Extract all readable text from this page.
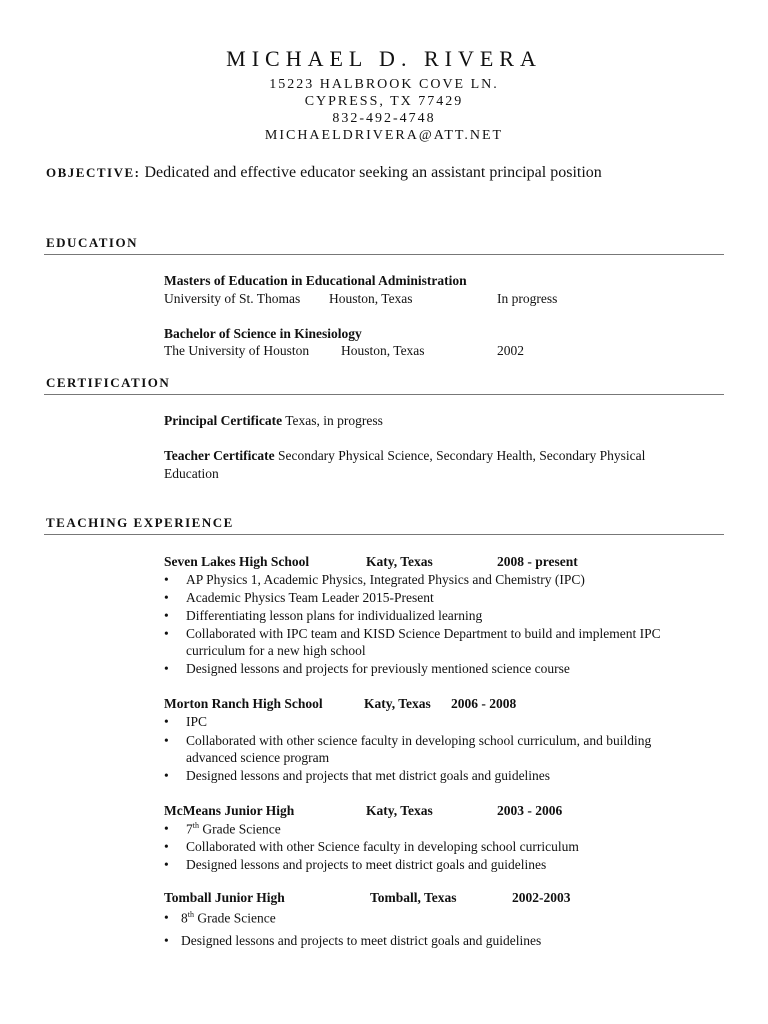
MICHAEL D. RIVERA
15223 HALBROOK COVE LN.
CYPRESS, TX 77429
832-492-4748
MICHAELDRIVERA@ATT.NET
OBJECTIVE: Dedicated and effective educator seeking an assistant principal position
EDUCATION
Masters of Education in Educational Administration
University of St. Thomas Houston, Texas	In progress
Bachelor of Science in Kinesiology
The University of Houston Houston, Texas	2002
CERTIFICATION
Principal Certificate Texas, in progress
Teacher Certificate Secondary Physical Science, Secondary Health, Secondary Physical
Education
TEACHING EXPERIENCE
Seven Lakes High School	Katy, Texas	2008 - present
• AP Physics 1, Academic Physics, Integrated Physics and Chemistry (IPC)
• Academic Physics Team Leader 2015-Present
• Differentiating lesson plans for individualized learning
• Collaborated with IPC team and KISD Science Department to build and implement IPC
curriculum for a new high school
• Designed lessons and projects for previously mentioned science course
Morton Ranch High School	Katy, Texas 2006 - 2008
• IPC
• Collaborated with other science faculty in developing school curriculum, and building
advanced science program
• Designed lessons and projects that met district goals and guidelines
McMeans Junior High	Katy, Texas	2003 - 2006
• 7th Grade Science
• Collaborated with other Science faculty in developing school curriculum
• Designed lessons and projects to meet district goals and guidelines
Tomball Junior High	Tomball, Texas	2002-2003
• 8th Grade Science
• Designed lessons and projects to meet district goals and guidelines
